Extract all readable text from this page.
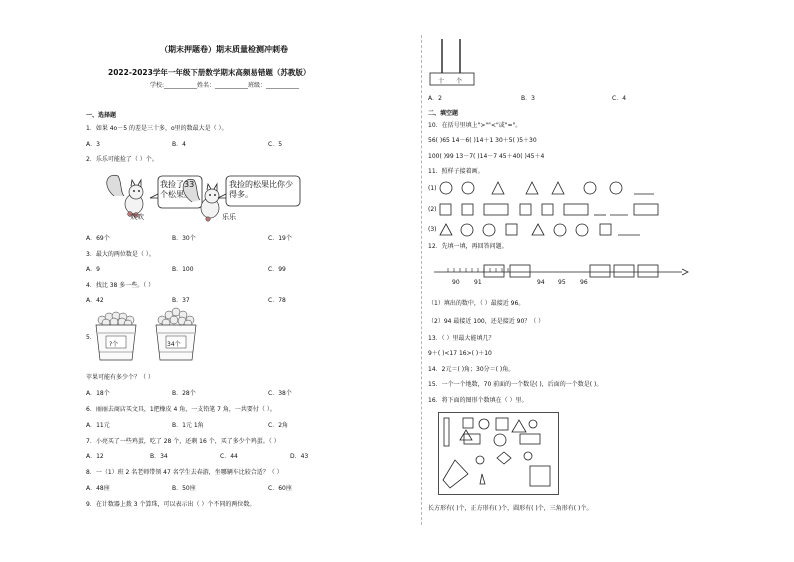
（期末押题卷）期末质量检测冲刺卷
2022-2023学年一年级下册数学期末高频易错题（苏教版）
学校:___________姓名：___________班级：___________
一、选择题
1．如果 4o－5 的差是三十多，o里的数最大是（ ）。
A．3	B．4	C．5
2．乐乐可能捡了（ ）个。
我捡了33个松果。
我捡的松果比你少得多。
欢欢	乐乐
A．69个	B．30个	C．19个
3．最大的两位数是（ ）。
A．9	B．100	C．99
4．找比 38 多一些。（ ）
A．42	B．37	C．78
5．
?个	34个
苹果可能有多少个？（ ）
A．18个	B．28个	C．38个
6．丽丽去商店买文具，1把橡皮 4 角，一支铅笔 7 角，一共要付（ ）。
A．11元	B．1元 1角	C．2角
7．小亮买了一些鸡蛋，吃了 28 个，还剩 16 个，买了多少个鸡蛋。（ ）
A．12	B．34	C．44	D．43
8．一（1）班 2 名老师带领 47 名学生去春游，坐哪辆车比较合适？（ ）
A．48座	B．50座	C．60座
9．在计数器上拨 3 个算珠，可以表示出（ ）个不同的两位数。
十 个
A．2	B．3	C．4
二、填空题
10．在括号里填上">""<"或"="。
56( )65 14－6( )14＋1 30＋5( )5＋30
100( )99 13－7( )14－7 45＋40( )45＋4
11．照样子接着画。
(1)
(2)
(3)
12．先填一填，再回答问题。
90 91	94 95 96
（1）填出的数中，（ ）最接近 96。
（2）94 最接近 100，还是接近 90？（ ）
13．（ ）里最大能填几？
9＋( )<17 16>( )＋10
14．2元＝( )角；30分＝( )角。
15．一个一个地数，70 前面的一个数是( )，后面的一个数是( )。
16．将下面的图形个数填在（ ）里。
长方形有( )个，正方形有( )个，圆形有( )个，三角形有( )个。
